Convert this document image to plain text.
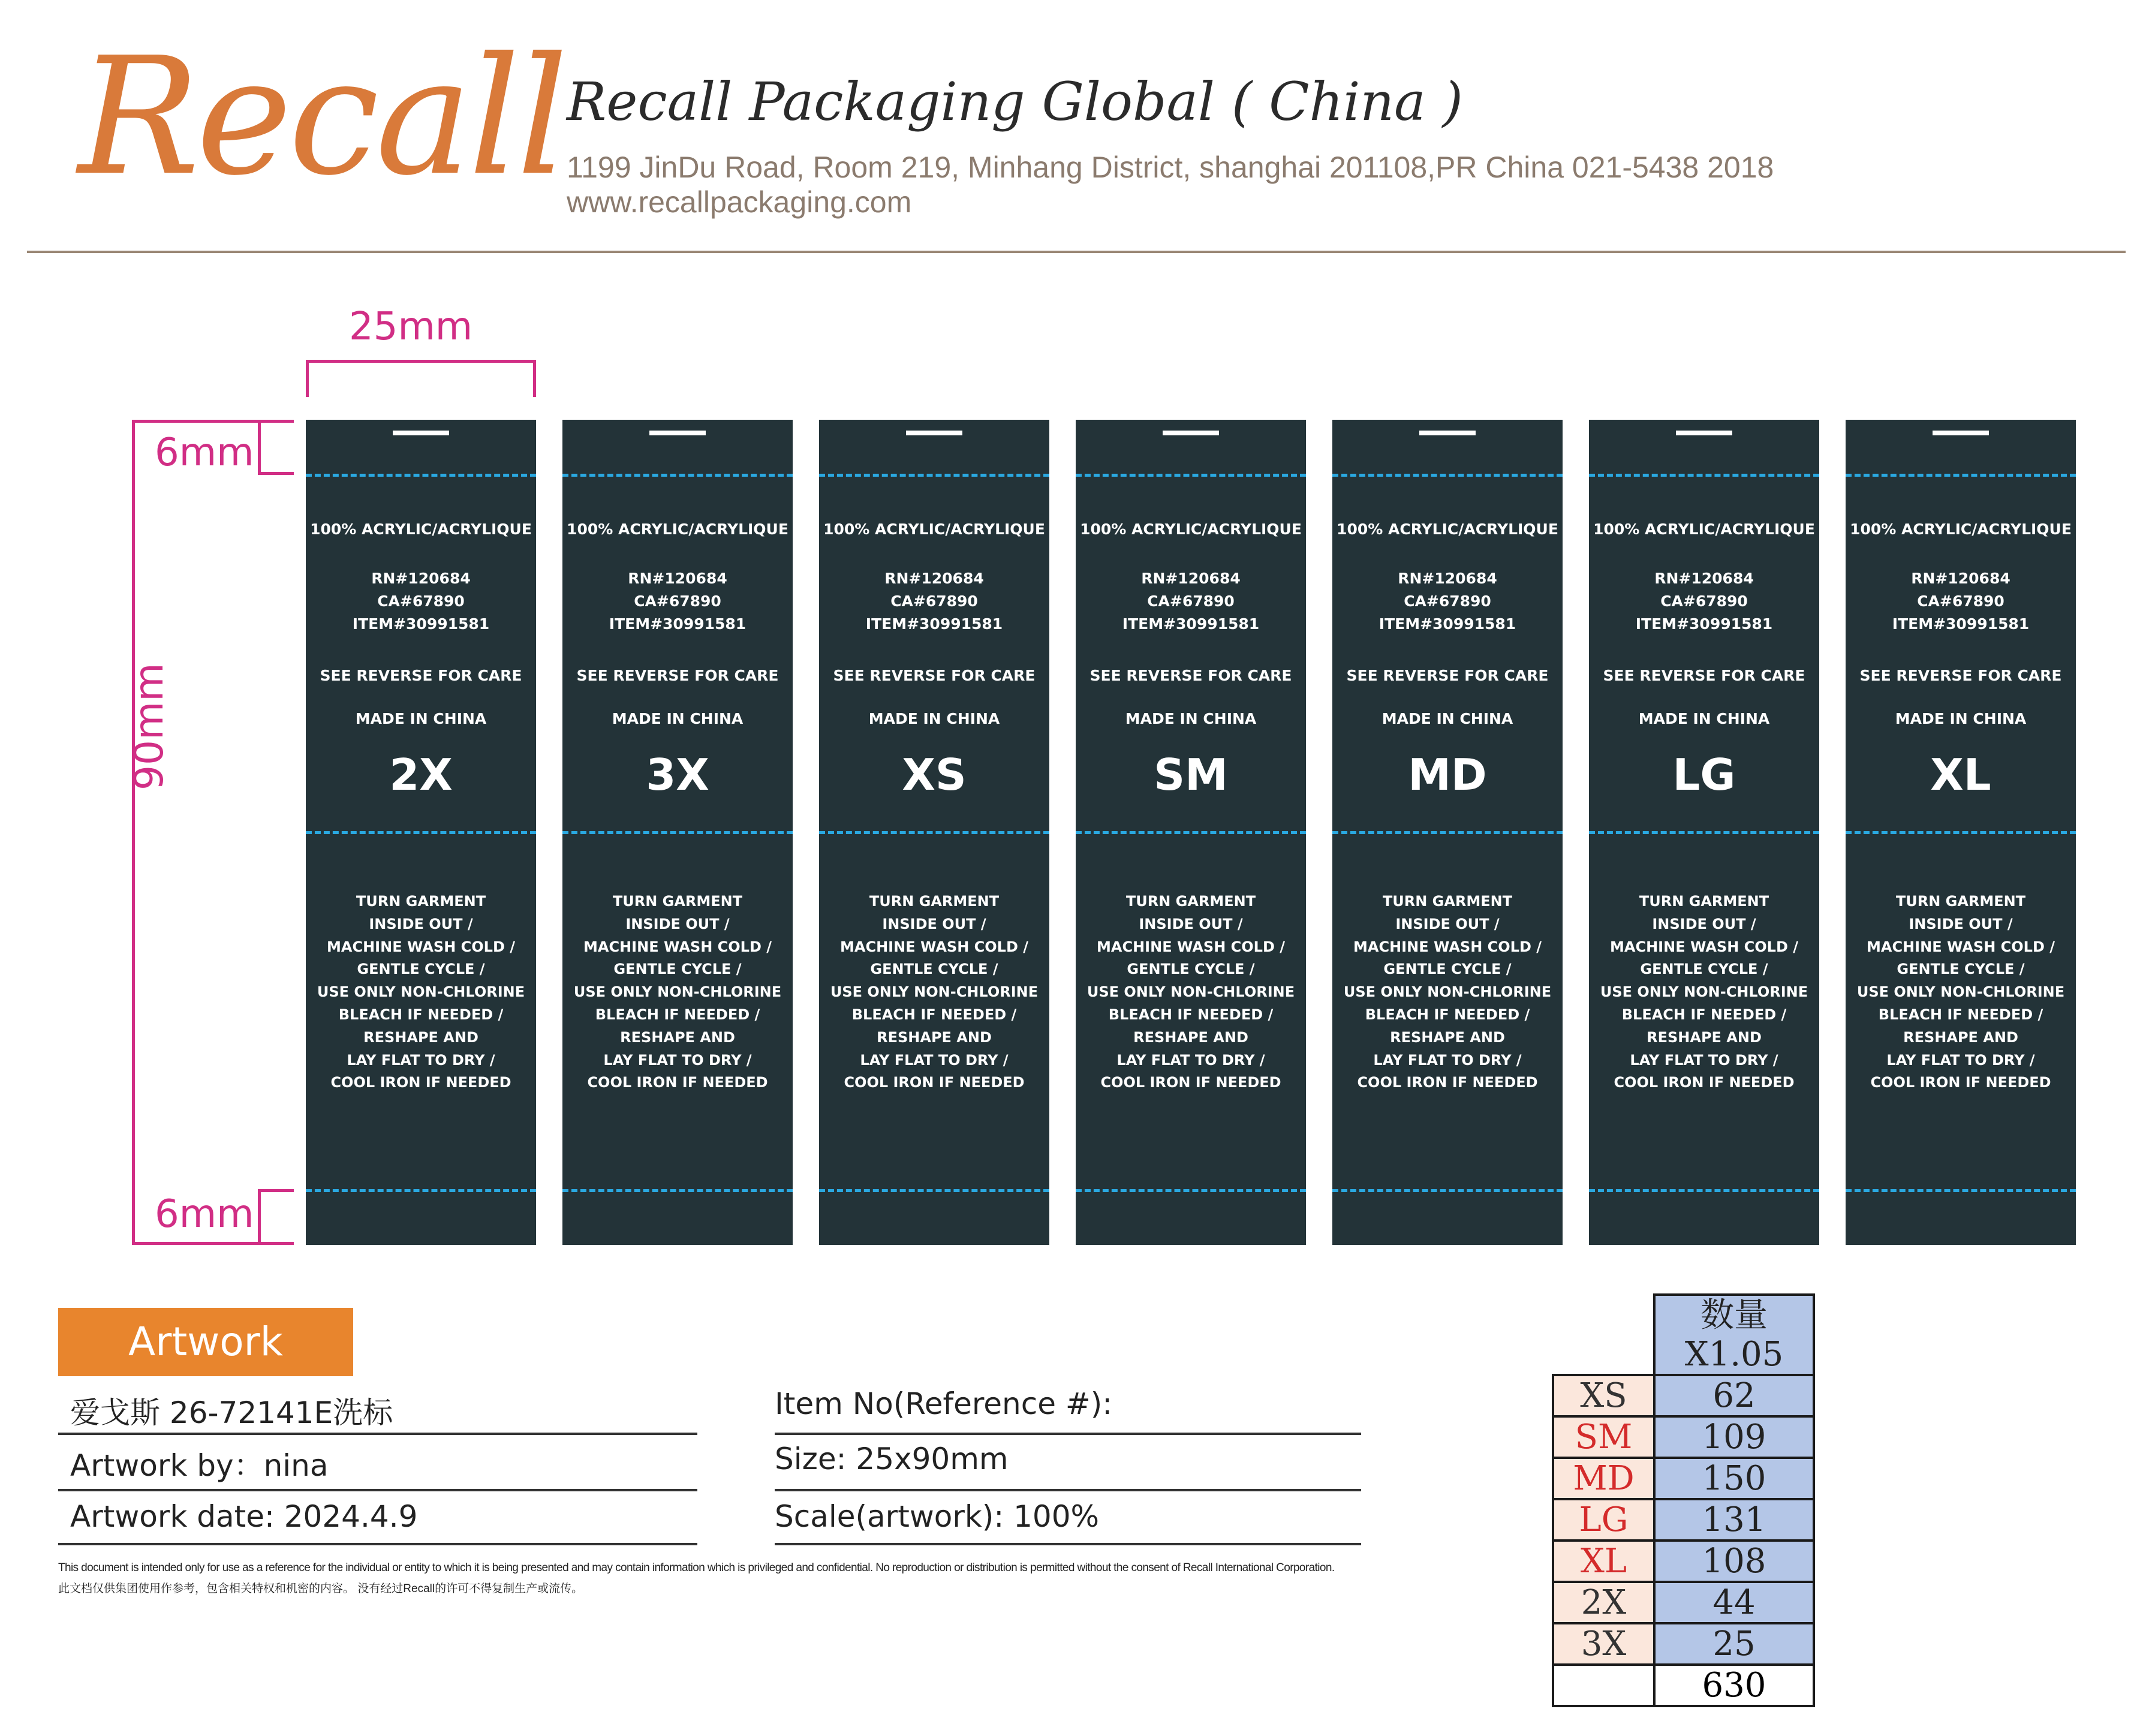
Recall Recall Packaging Global ( China )
1199 JinDu Road, Room 219, Minhang District, shanghai 201108,PR China 021-5438 2018
www.recallpackaging.com
25mm
90mm
6mm
6mm
100% ACRYLIC/ACRYLIQUE
RN#120684
CA#67890
ITEM#30991581
SEE REVERSE FOR CARE
MADE IN CHINA
2X
TURN GARMENT
INSIDE OUT /
MACHINE WASH COLD /
GENTLE CYCLE /
USE ONLY NON-CHLORINE
BLEACH IF NEEDED /
RESHAPE AND
LAY FLAT TO DRY /
COOL IRON IF NEEDED
100% ACRYLIC/ACRYLIQUE
RN#120684
CA#67890
ITEM#30991581
SEE REVERSE FOR CARE
MADE IN CHINA
3X
TURN GARMENT
INSIDE OUT /
MACHINE WASH COLD /
GENTLE CYCLE /
USE ONLY NON-CHLORINE
BLEACH IF NEEDED /
RESHAPE AND
LAY FLAT TO DRY /
COOL IRON IF NEEDED
100% ACRYLIC/ACRYLIQUE
RN#120684
CA#67890
ITEM#30991581
SEE REVERSE FOR CARE
MADE IN CHINA
XS
TURN GARMENT
INSIDE OUT /
MACHINE WASH COLD /
GENTLE CYCLE /
USE ONLY NON-CHLORINE
BLEACH IF NEEDED /
RESHAPE AND
LAY FLAT TO DRY /
COOL IRON IF NEEDED
100% ACRYLIC/ACRYLIQUE
RN#120684
CA#67890
ITEM#30991581
SEE REVERSE FOR CARE
MADE IN CHINA
SM
TURN GARMENT
INSIDE OUT /
MACHINE WASH COLD /
GENTLE CYCLE /
USE ONLY NON-CHLORINE
BLEACH IF NEEDED /
RESHAPE AND
LAY FLAT TO DRY /
COOL IRON IF NEEDED
100% ACRYLIC/ACRYLIQUE
RN#120684
CA#67890
ITEM#30991581
SEE REVERSE FOR CARE
MADE IN CHINA
MD
TURN GARMENT
INSIDE OUT /
MACHINE WASH COLD /
GENTLE CYCLE /
USE ONLY NON-CHLORINE
BLEACH IF NEEDED /
RESHAPE AND
LAY FLAT TO DRY /
COOL IRON IF NEEDED
100% ACRYLIC/ACRYLIQUE
RN#120684
CA#67890
ITEM#30991581
SEE REVERSE FOR CARE
MADE IN CHINA
LG
TURN GARMENT
INSIDE OUT /
MACHINE WASH COLD /
GENTLE CYCLE /
USE ONLY NON-CHLORINE
BLEACH IF NEEDED /
RESHAPE AND
LAY FLAT TO DRY /
COOL IRON IF NEEDED
100% ACRYLIC/ACRYLIQUE
RN#120684
CA#67890
ITEM#30991581
SEE REVERSE FOR CARE
MADE IN CHINA
XL
TURN GARMENT
INSIDE OUT /
MACHINE WASH COLD /
GENTLE CYCLE /
USE ONLY NON-CHLORINE
BLEACH IF NEEDED /
RESHAPE AND
LAY FLAT TO DRY /
COOL IRON IF NEEDED
Artwork
爱戈斯 26-72141E洗标
Artwork by：nina
Artwork date: 2024.4.9
Item No(Reference #):
Size: 25x90mm
Scale(artwork): 100%
This document is intended only for use as a reference for the individual or entity to which it is being presented and may contain information which is privileged and confidential. No reproduction or distribution is permitted without the consent of Recall International Corporation.
此文档仅供集团使用作参考，包含相关特权和机密的内容。 没有经过Recall的许可不得复制生产或流传。
	数量X1.05
XS	62
SM	109
MD	150
LG	131
XL	108
2X	44
3X	25
	630
